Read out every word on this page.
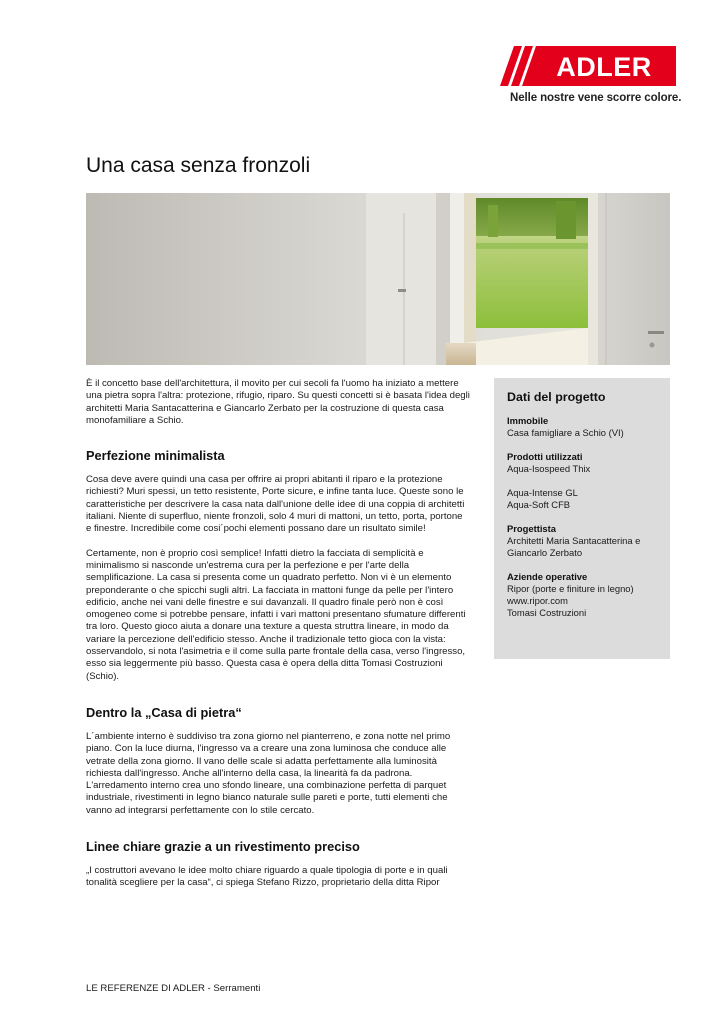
ADLER
Nelle nostre vene scorre colore.
Una casa senza fronzoli

È il concetto base dell'architettura, il movito per cui secoli fa l'uomo ha iniziato a mettere una pietra sopra l'altra: protezione, rifugio, riparo. Su questi concetti si è basata l'idea degli architetti Maria Santacatterina e Giancarlo Zerbato per la costruzione di questa casa monofamiliare a Schio.

Perfezione minimalista

Cosa deve avere quindi una casa per offrire ai propri abitanti il riparo e la protezione richiesti? Muri spessi, un tetto resistente, Porte sicure, e infine tanta luce. Queste sono le caratteristiche per descrivere la casa nata dall'unione delle idee di una coppia di architetti italiani. Niente di superfluo, niente fronzoli, solo 4 muri di mattoni, un tetto, porta, portone e finestre. Incredibile come cosi´pochi elementi possano dare un risultato simile!

Certamente, non è proprio così semplice! Infatti dietro la facciata di semplicità e minimalismo si nasconde un'estrema cura per la perfezione e per l'arte della semplificazione. La casa si presenta come un quadrato perfetto. Non vi è un elemento preponderante o che spicchi sugli altri. La facciata in mattoni funge da pelle per l'intero edificio, anche nei vani delle finestre e sui davanzali. Il quadro finale però non è così omogeneo come si potrebbe pensare, infatti i vari mattoni presentano sfumature differenti tra loro. Questo gioco aiuta a donare una texture a questa struttra lineare, in modo da variare la percezione dell'edificio stesso. Anche il tradizionale tetto gioca con la vista: osservandolo, si nota l'asimetria e il come sulla parte frontale della casa, verso l'ingresso, esso sia leggermente più basso. Questa casa è opera della ditta Tomasi Costruzioni (Schio).

Dentro la „Casa di pietra“

L´ambiente interno è suddiviso tra zona giorno nel pianterreno, e zona notte nel primo piano. Con la luce diurna, l'ingresso va a creare una zona luminosa che conduce alle vetrate della zona giorno. Il vano delle scale si adatta perfettamente alla luminosità richiesta dall'ingresso. Anche all'interno della casa, la linearità fa da padrona. L'arredamento interno crea uno sfondo lineare, una combinazione perfetta di parquet industriale, rivestimenti in legno bianco naturale sulle pareti e porte, tutti elementi che vanno ad integrarsi perfettamente con lo stile cercato.

Linee chiare grazie a un rivestimento preciso

„I costruttori avevano le idee molto chiare riguardo a quale tipologia di porte e in quali tonalità scegliere per la casa“, ci spiega Stefano Rizzo, proprietario della ditta Ripor

Dati del progetto
Immobile
Casa famigliare a Schio (VI)
Prodotti utilizzati
Aqua-Isospeed Thix
Aqua-Intense GL
Aqua-Soft CFB
Progettista
Architetti Maria Santacatterina e Giancarlo Zerbato
Aziende operative
Ripor (porte e finiture in legno)
www.ripor.com
Tomasi Costruzioni
LE REFERENZE DI ADLER - Serramenti
